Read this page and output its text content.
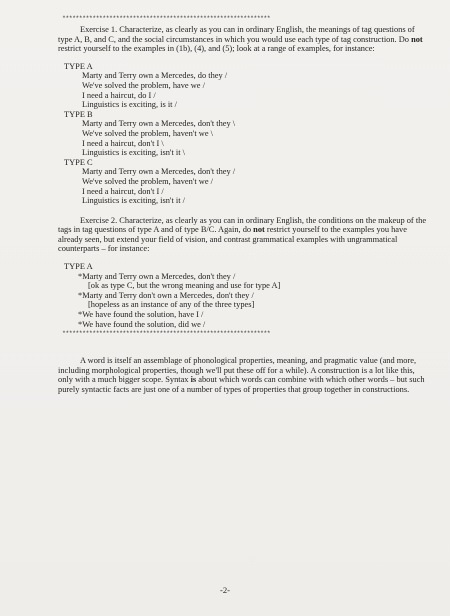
**************************************************************

Exercise 1. Characterize, as clearly as you can in ordinary English, the meanings of tag questions of type A, B, and C, and the social circumstances in which you would use each type of tag construction. Do not restrict yourself to the examples in (1b), (4), and (5); look at a range of examples, for instance:

TYPE A
Marty and Terry own a Mercedes, do they /
We've solved the problem, have we /
I need a haircut, do I /
Linguistics is exciting, is it /
TYPE B
Marty and Terry own a Mercedes, don't they \
We've solved the problem, haven't we \
I need a haircut, don't I \
Linguistics is exciting, isn't it \
TYPE C
Marty and Terry own a Mercedes, don't they /
We've solved the problem, haven't we /
I need a haircut, don't I /
Linguistics is exciting, isn't it /

Exercise 2. Characterize, as clearly as you can in ordinary English, the conditions on the makeup of the tags in tag questions of type A and of type B/C. Again, do not restrict yourself to the examples you have already seen, but extend your field of vision, and contrast grammatical examples with ungrammatical counterparts – for instance:

TYPE A
*Marty and Terry own a Mercedes, don't they /
[ok as type C, but the wrong meaning and use for type A]
*Marty and Terry don't own a Mercedes, don't they /
[hopeless as an instance of any of the three types]
*We have found the solution, have I /
*We have found the solution, did we /
**************************************************************

A word is itself an assemblage of phonological properties, meaning, and pragmatic value (and more, including morphological properties, though we'll put these off for a while). A construction is a lot like this, only with a much bigger scope. Syntax is about which words can combine with which other words – but such purely syntactic facts are just one of a number of types of properties that group together in constructions.

-2-
